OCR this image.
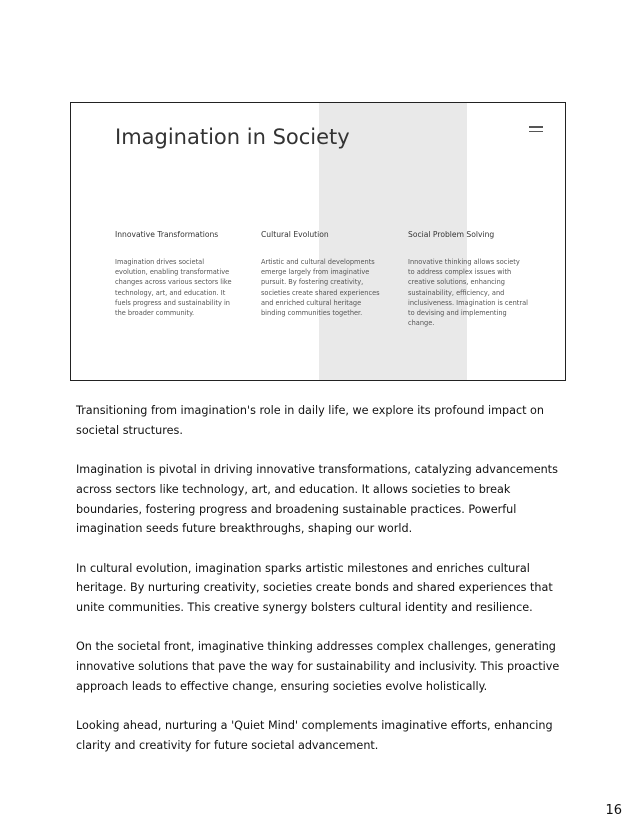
Imagination in Society
Innovative Transformations
Imagination drives societal evolution, enabling transformative changes across various sectors like technology, art, and education. It fuels progress and sustainability in the broader community.
Cultural Evolution
Artistic and cultural developments emerge largely from imaginative pursuit. By fostering creativity, societies create shared experiences and enriched cultural heritage binding communities together.
Social Problem Solving
Innovative thinking allows society to address complex issues with creative solutions, enhancing sustainability, efficiency, and inclusiveness. Imagination is central to devising and implementing change.

Transitioning from imagination's role in daily life, we explore its profound impact on societal structures.

Imagination is pivotal in driving innovative transformations, catalyzing advancements across sectors like technology, art, and education. It allows societies to break boundaries, fostering progress and broadening sustainable practices. Powerful imagination seeds future breakthroughs, shaping our world.

In cultural evolution, imagination sparks artistic milestones and enriches cultural heritage. By nurturing creativity, societies create bonds and shared experiences that unite communities. This creative synergy bolsters cultural identity and resilience.

On the societal front, imaginative thinking addresses complex challenges, generating innovative solutions that pave the way for sustainability and inclusivity. This proactive approach leads to effective change, ensuring societies evolve holistically.

Looking ahead, nurturing a 'Quiet Mind' complements imaginative efforts, enhancing clarity and creativity for future societal advancement.

16
